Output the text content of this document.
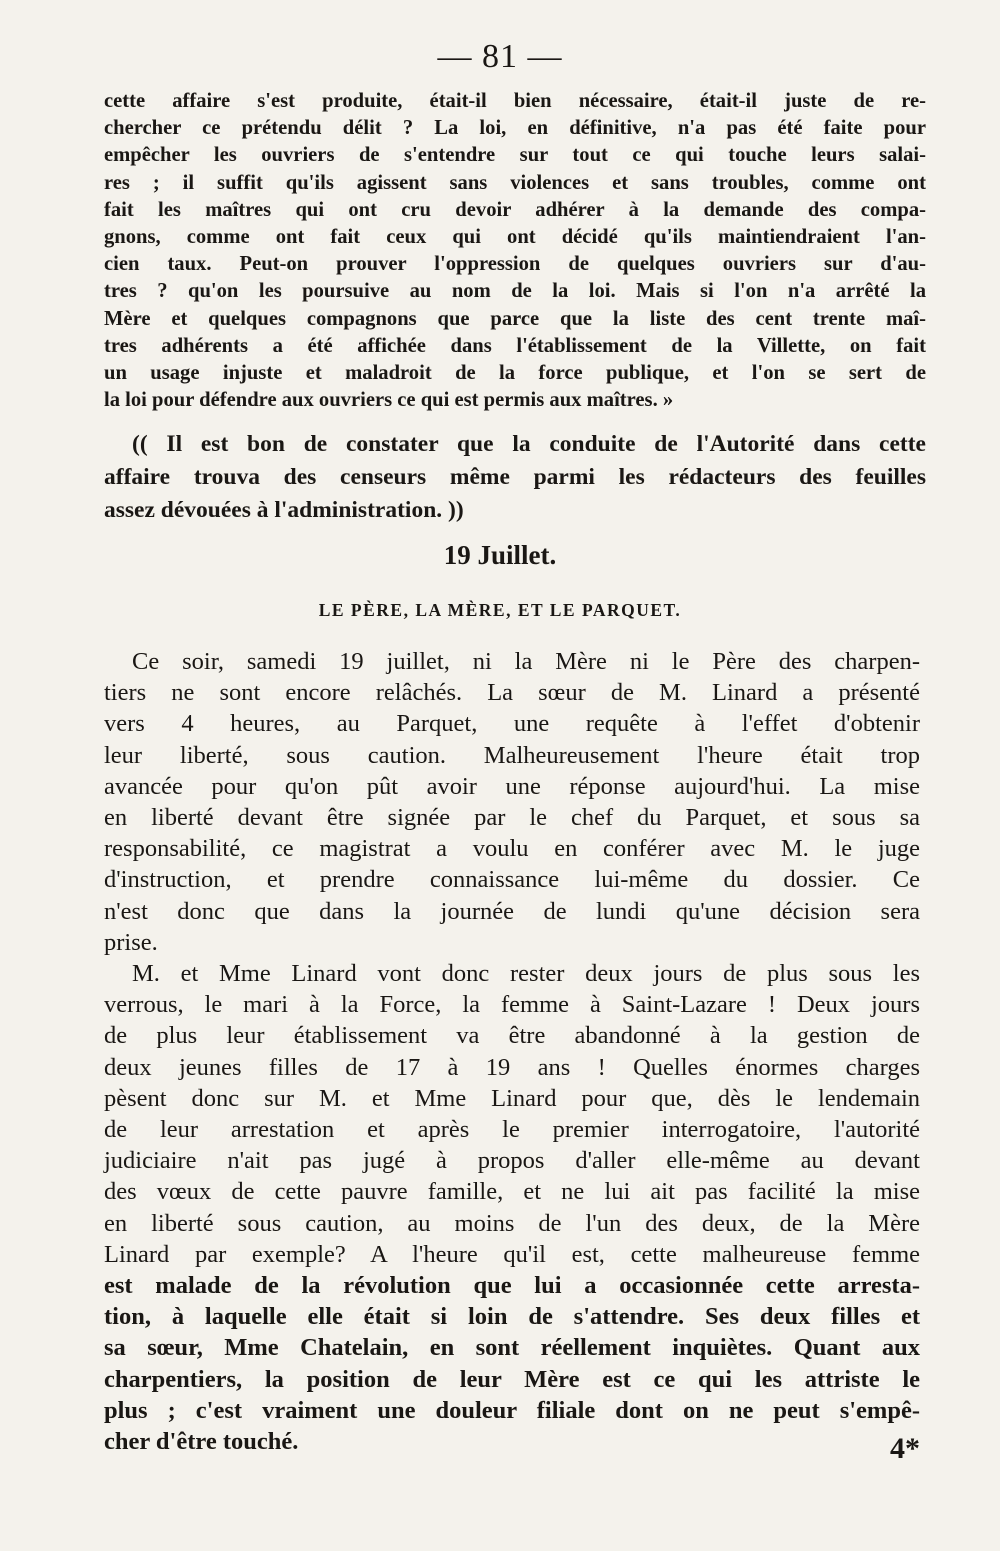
— 81 —
cette affaire s'est produite, était-il bien nécessaire, était-il juste de re-
chercher ce prétendu délit ? La loi, en définitive, n'a pas été faite pour
empêcher les ouvriers de s'entendre sur tout ce qui touche leurs salai-
res ; il suffit qu'ils agissent sans violences et sans troubles, comme ont
fait les maîtres qui ont cru devoir adhérer à la demande des compa-
gnons, comme ont fait ceux qui ont décidé qu'ils maintiendraient l'an-
cien taux. Peut-on prouver l'oppression de quelques ouvriers sur d'au-
tres ? qu'on les poursuive au nom de la loi. Mais si l'on n'a arrêté la
Mère et quelques compagnons que parce que la liste des cent trente maî-
tres adhérents a été affichée dans l'établissement de la Villette, on fait
un usage injuste et maladroit de la force publique, et l'on se sert de
la loi pour défendre aux ouvriers ce qui est permis aux maîtres. »
(( Il est bon de constater que la conduite de l'Autorité dans cette
affaire trouva des censeurs même parmi les rédacteurs des feuilles
assez dévouées à l'administration. ))
19 Juillet.
LE PÈRE, LA MÈRE, ET LE PARQUET.
Ce soir, samedi 19 juillet, ni la Mère ni le Père des charpen-
tiers ne sont encore relâchés. La sœur de M. Linard a présenté
vers 4 heures, au Parquet, une requête à l'effet d'obtenir
leur liberté, sous caution. Malheureusement l'heure était trop
avancée pour qu'on pût avoir une réponse aujourd'hui. La mise
en liberté devant être signée par le chef du Parquet, et sous sa
responsabilité, ce magistrat a voulu en conférer avec M. le juge
d'instruction, et prendre connaissance lui-même du dossier. Ce
n'est donc que dans la journée de lundi qu'une décision sera
prise.
M. et Mme Linard vont donc rester deux jours de plus sous les
verrous, le mari à la Force, la femme à Saint-Lazare ! Deux jours
de plus leur établissement va être abandonné à la gestion de
deux jeunes filles de 17 à 19 ans ! Quelles énormes charges
pèsent donc sur M. et Mme Linard pour que, dès le lendemain
de leur arrestation et après le premier interrogatoire, l'autorité
judiciaire n'ait pas jugé à propos d'aller elle-même au devant
des vœux de cette pauvre famille, et ne lui ait pas facilité la mise
en liberté sous caution, au moins de l'un des deux, de la Mère
Linard par exemple? A l'heure qu'il est, cette malheureuse femme
est malade de la révolution que lui a occasionnée cette arresta-
tion, à laquelle elle était si loin de s'attendre. Ses deux filles et
sa sœur, Mme Chatelain, en sont réellement inquiètes. Quant aux
charpentiers, la position de leur Mère est ce qui les attriste le
plus ; c'est vraiment une douleur filiale dont on ne peut s'empê-
cher d'être touché.	4*
